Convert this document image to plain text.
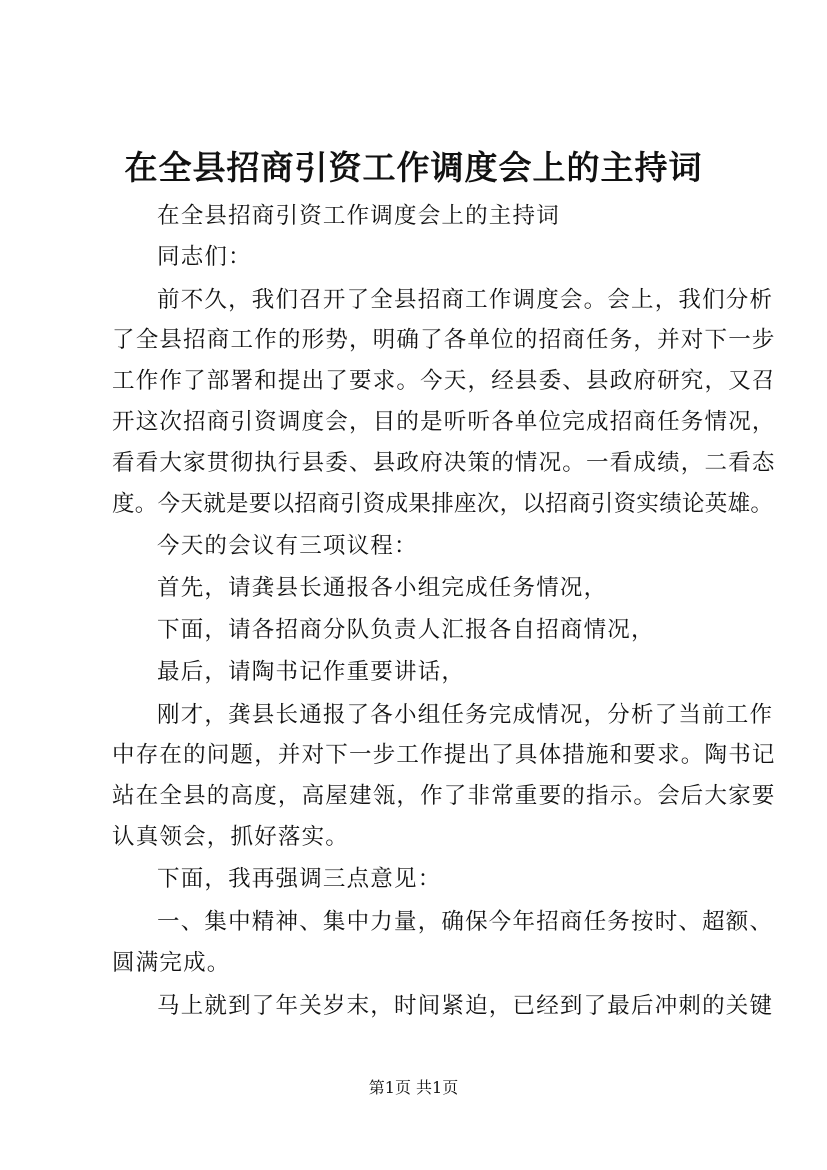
在全县招商引资工作调度会上的主持词
在全县招商引资工作调度会上的主持词
同志们：
前不久，我们召开了全县招商工作调度会。会上，我们分析
了全县招商工作的形势，明确了各单位的招商任务，并对下一步
工作作了部署和提出了要求。今天，经县委、县政府研究，又召
开这次招商引资调度会，目的是听听各单位完成招商任务情况，
看看大家贯彻执行县委、县政府决策的情况。一看成绩，二看态
度。今天就是要以招商引资成果排座次，以招商引资实绩论英雄。
今天的会议有三项议程：
首先，请龚县长通报各小组完成任务情况，
下面，请各招商分队负责人汇报各自招商情况，
最后，请陶书记作重要讲话，
刚才，龚县长通报了各小组任务完成情况，分析了当前工作
中存在的问题，并对下一步工作提出了具体措施和要求。陶书记
站在全县的高度，高屋建瓴，作了非常重要的指示。会后大家要
认真领会，抓好落实。
下面，我再强调三点意见：
一、集中精神、集中力量，确保今年招商任务按时、超额、
圆满完成。
马上就到了年关岁末，时间紧迫，已经到了最后冲刺的关键
第1页 共1页
